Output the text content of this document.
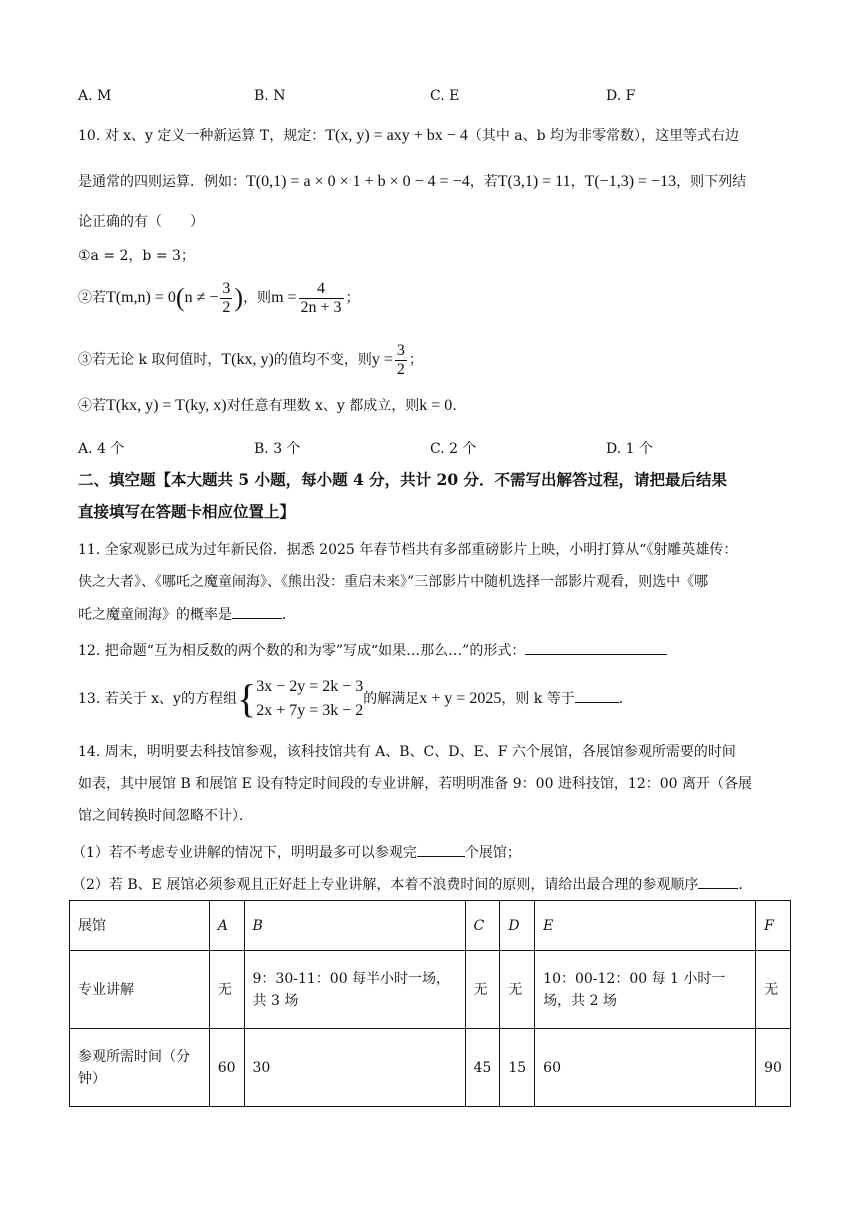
A. M	B. N	C. E	D. F
10. 对 x、y 定义一种新运算 T，规定：T(x, y) = axy + bx − 4（其中 a、b 均为非零常数），这里等式右边
是通常的四则运算．例如：T(0,1) = a × 0 × 1 + b × 0 − 4 = −4，若T(3,1) = 11，T(−1,3) = −13，则下列结
论正确的有（　　）
①a = 2，b = 3；
②若T(m,n) = 0(n ≠ − $\frac{3}{2}$ )，则$m = \frac{4}{2n + 3}$ ；
③若无论 k 取何值时，T(kx, y)的值均不变，则$y = \frac{3}{2}$ ；
④若T(kx, y) = T(ky, x)对任意有理数 x、y 都成立，则k = 0．
A. 4 个	B. 3 个	C. 2 个	D. 1 个
二、填空题【本大题共 5 小题，每小题 4 分，共计 20 分．不需写出解答过程，请把最后结果
直接填写在答题卡相应位置上】
11. 全家观影已成为过年新民俗．据悉 2025 年春节档共有多部重磅影片上映，小明打算从“《射雕英雄传：
侠之大者》、《哪吒之魔童闹海》、《熊出没：重启未来》”三部影片中随机选择一部影片观看，则选中《哪
吒之魔童闹海》的概率是	．
12. 把命题“互为相反数的两个数的和为零”写成“如果…那么…”的形式：
13. 若关于 x、y的方程组{ 3x − 2y = 2k − 3
2x + 7y = 3k − 2
的解满足x + y = 2025，则 k 等于	．
14. 周末，明明要去科技馆参观，该科技馆共有 A、B、C、D、E、F 六个展馆，各展馆参观所需要的时间
如表，其中展馆 B 和展馆 E 设有特定时间段的专业讲解，若明明准备 9：00 进科技馆，12：00 离开（各展
馆之间转换时间忽略不计）．
（1）若不考虑专业讲解的情况下，明明最多可以参观完	个展馆；
（2）若 B、E 展馆必须参观且正好赶上专业讲解，本着不浪费时间的原则，请给出最合理的参观顺序	．
展馆	A	B	C	D	E	F
专业讲解	无	9：30-11：00 每半小时一场，共 3 场	无	无	10：00-12：00 每 1 小时一场，共 2 场	无
参观所需时间（分钟）	60	30	45	15	60	90
